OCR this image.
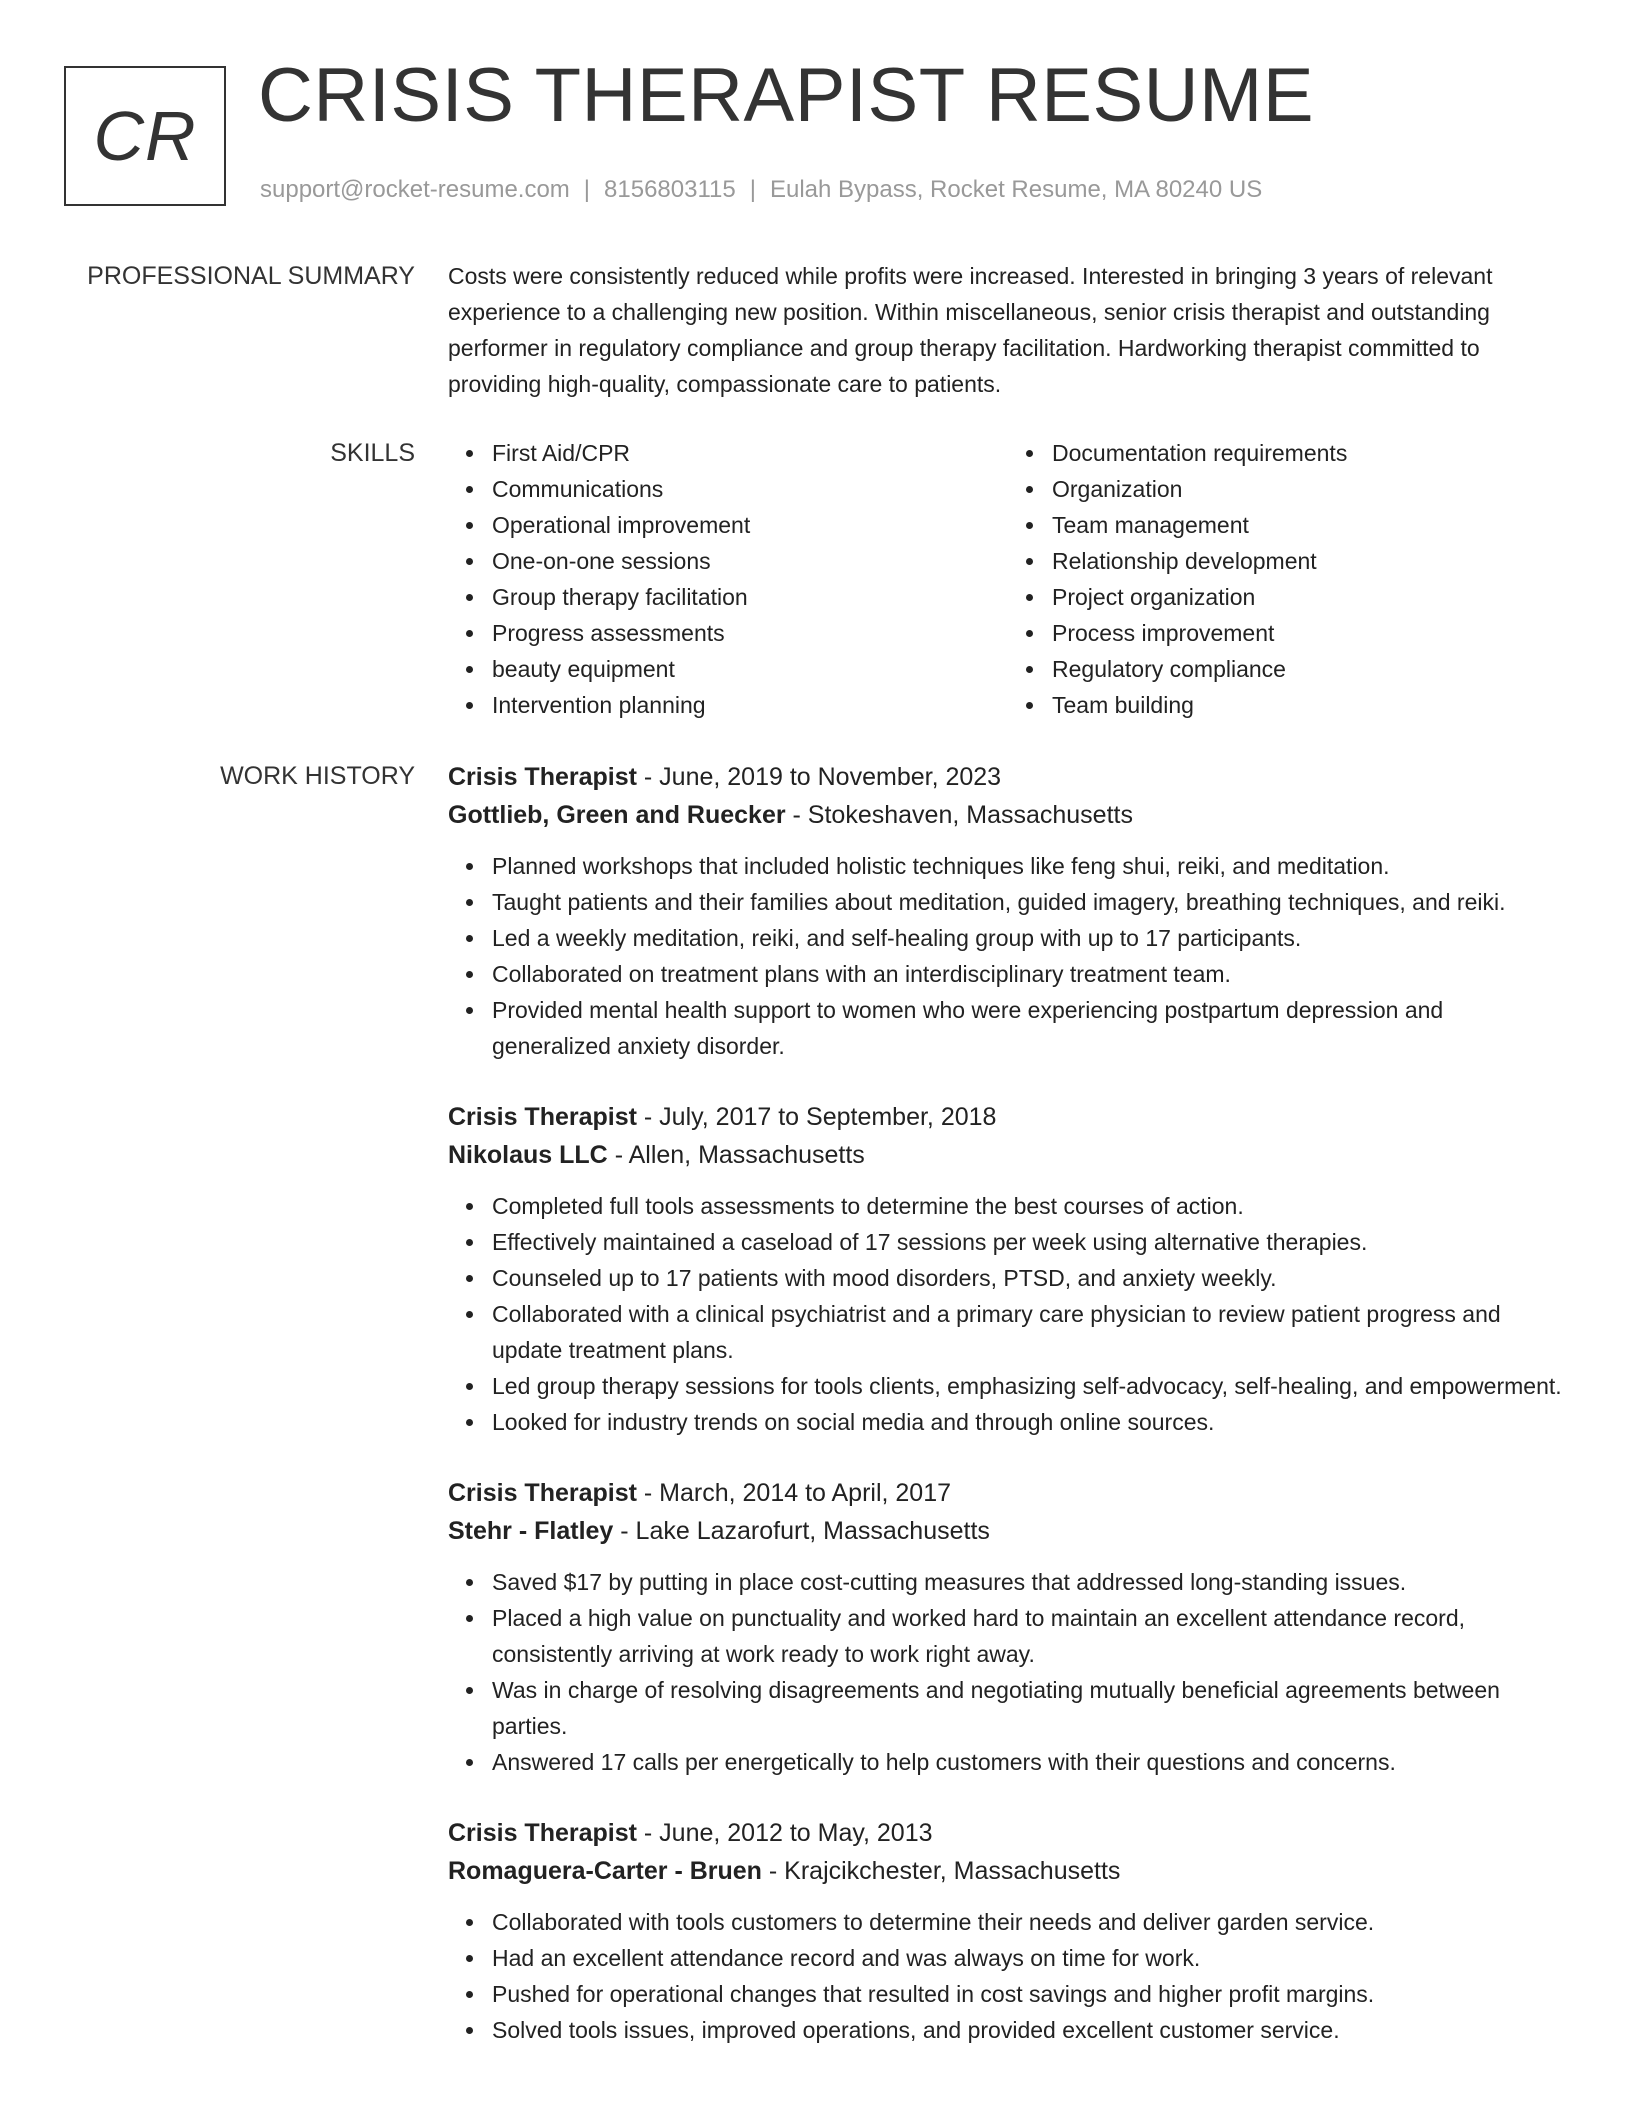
CR CRISIS THERAPIST RESUME
support@rocket-resume.com | 8156803115 | Eulah Bypass, Rocket Resume, MA 80240 US
PROFESSIONAL SUMMARY Costs were consistently reduced while profits were increased. Interested in bringing 3 years of relevant experience to a challenging new position. Within miscellaneous, senior crisis therapist and outstanding performer in regulatory compliance and group therapy facilitation. Hardworking therapist committed to providing high-quality, compassionate care to patients.

SKILLS	First Aid/CPR
Communications
Operational improvement
One-on-one sessions
Group therapy facilitation
Progress assessments
beauty equipment
Intervention planning
Documentation requirements
Organization
Team management
Relationship development
Project organization
Process improvement
Regulatory compliance
Team building
WORK HISTORY Crisis Therapist - June, 2019 to November, 2023
Gottlieb, Green and Ruecker - Stokeshaven, Massachusetts
Planned workshops that included holistic techniques like feng shui, reiki, and meditation.
Taught patients and their families about meditation, guided imagery, breathing techniques, and reiki.
Led a weekly meditation, reiki, and self-healing group with up to 17 participants.
Collaborated on treatment plans with an interdisciplinary treatment team.
Provided mental health support to women who were experiencing postpartum depression and generalized anxiety disorder.
Crisis Therapist - July, 2017 to September, 2018
Nikolaus LLC - Allen, Massachusetts
Completed full tools assessments to determine the best courses of action.
Effectively maintained a caseload of 17 sessions per week using alternative therapies.
Counseled up to 17 patients with mood disorders, PTSD, and anxiety weekly.
Collaborated with a clinical psychiatrist and a primary care physician to review patient progress and update treatment plans.
Led group therapy sessions for tools clients, emphasizing self-advocacy, self-healing, and empowerment.
Looked for industry trends on social media and through online sources.
Crisis Therapist - March, 2014 to April, 2017
Stehr - Flatley - Lake Lazarofurt, Massachusetts
Saved $17 by putting in place cost-cutting measures that addressed long-standing issues.
Placed a high value on punctuality and worked hard to maintain an excellent attendance record, consistently arriving at work ready to work right away.
Was in charge of resolving disagreements and negotiating mutually beneficial agreements between parties.
Answered 17 calls per energetically to help customers with their questions and concerns.
Crisis Therapist - June, 2012 to May, 2013
Romaguera-Carter - Bruen - Krajcikchester, Massachusetts
Collaborated with tools customers to determine their needs and deliver garden service.
Had an excellent attendance record and was always on time for work.
Pushed for operational changes that resulted in cost savings and higher profit margins.
Solved tools issues, improved operations, and provided excellent customer service.
